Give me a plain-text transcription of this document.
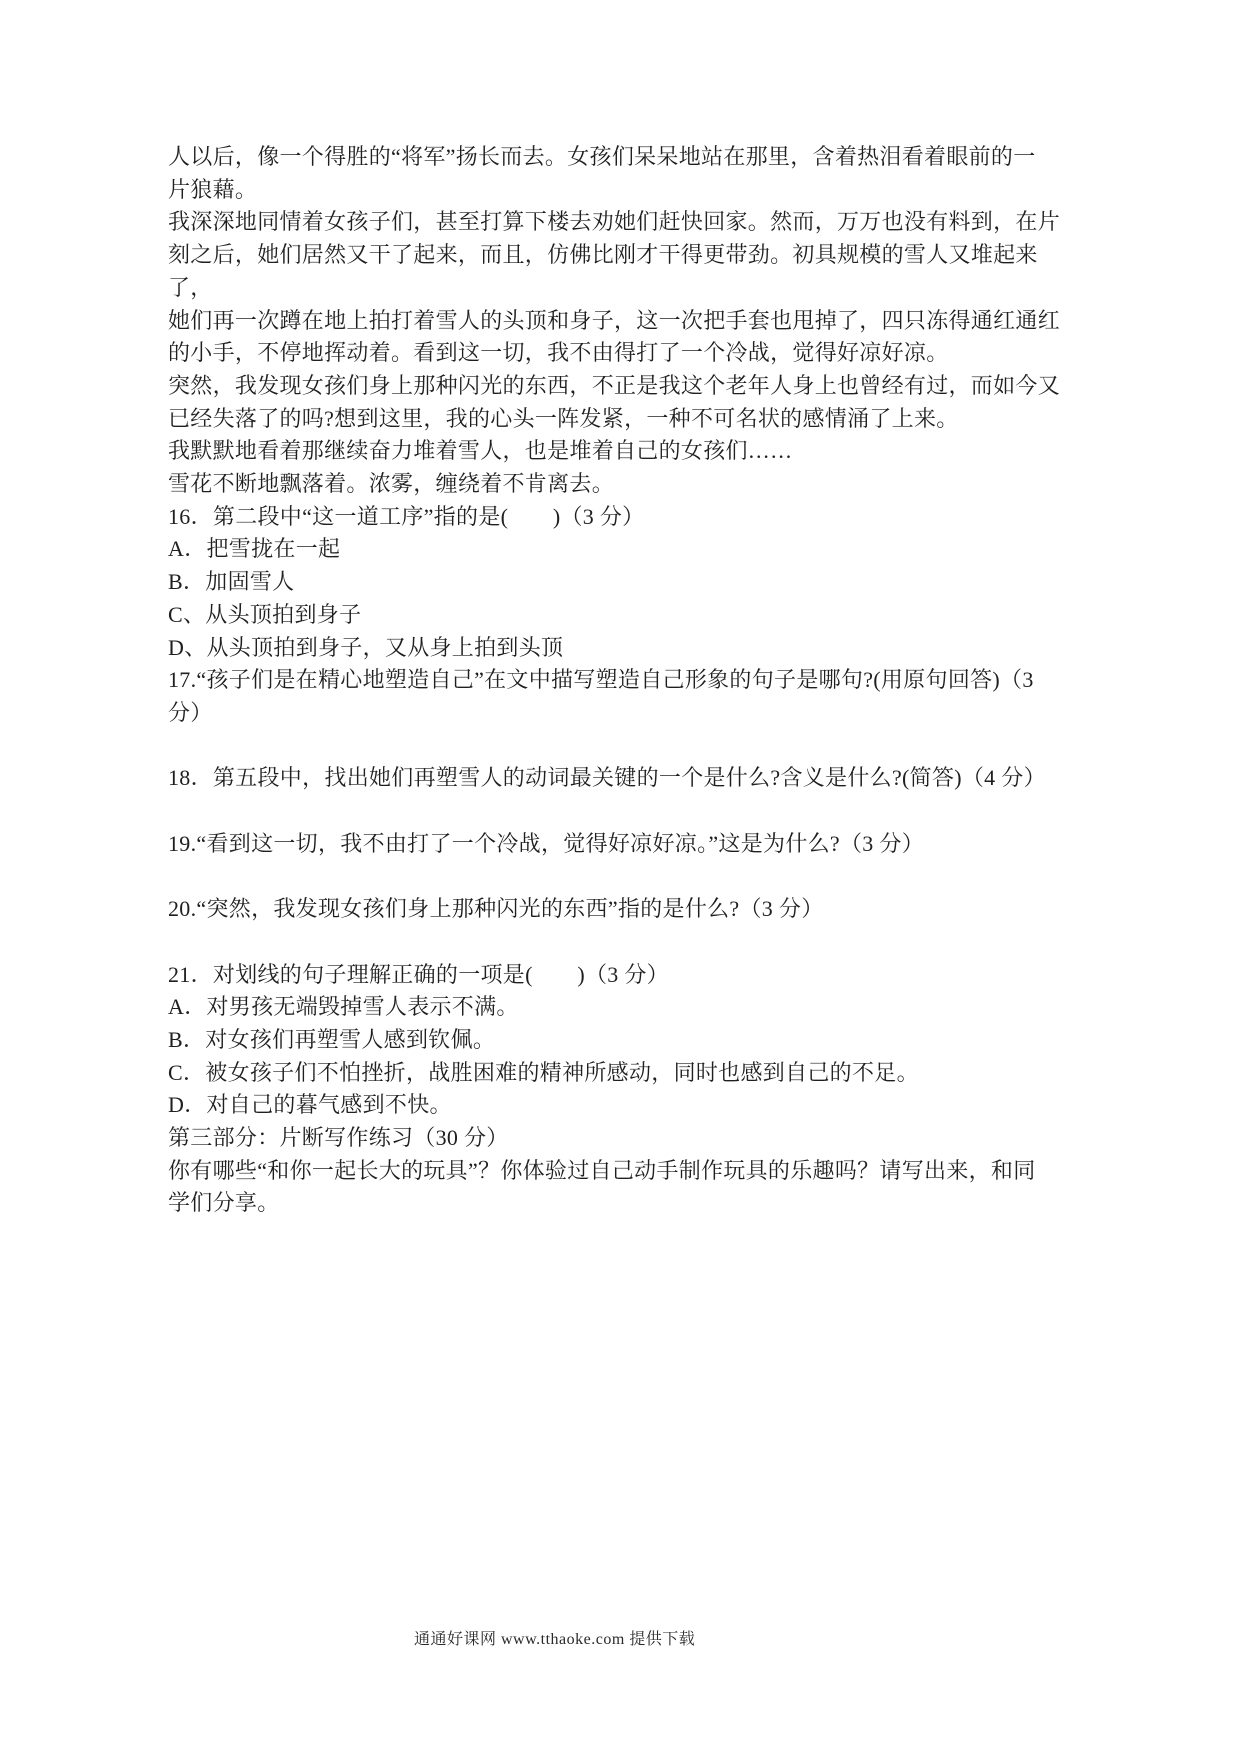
人以后，像一个得胜的“将军”扬长而去。女孩们呆呆地站在那里，含着热泪看着眼前的一
片狼藉。
我深深地同情着女孩子们，甚至打算下楼去劝她们赶快回家。然而，万万也没有料到，在片
刻之后，她们居然又干了起来，而且，仿佛比刚才干得更带劲。初具规模的雪人又堆起来了，
她们再一次蹲在地上拍打着雪人的头顶和身子，这一次把手套也甩掉了，四只冻得通红通红
的小手，不停地挥动着。看到这一切，我不由得打了一个冷战，觉得好凉好凉。
突然，我发现女孩们身上那种闪光的东西，不正是我这个老年人身上也曾经有过，而如今又
已经失落了的吗?想到这里，我的心头一阵发紧，一种不可名状的感情涌了上来。
我默默地看着那继续奋力堆着雪人，也是堆着自己的女孩们……
雪花不断地飘落着。浓雾，缠绕着不肯离去。
16．第二段中“这一道工序”指的是(　　)（3 分）
A．把雪拢在一起
B．加固雪人
C、从头顶拍到身子
D、从头顶拍到身子，又从身上拍到头顶
17.“孩子们是在精心地塑造自己”在文中描写塑造自己形象的句子是哪句?(用原句回答)（3
分）
18．第五段中，找出她们再塑雪人的动词最关键的一个是什么?含义是什么?(简答)（4 分）
19.“看到这一切，我不由打了一个冷战，觉得好凉好凉。”这是为什么?（3 分）
20.“突然，我发现女孩们身上那种闪光的东西”指的是什么?（3 分）
21．对划线的句子理解正确的一项是(　　)（3 分）
A．对男孩无端毁掉雪人表示不满。
B．对女孩们再塑雪人感到钦佩。
C．被女孩子们不怕挫折，战胜困难的精神所感动，同时也感到自己的不足。
D．对自己的暮气感到不快。
第三部分：片断写作练习（30 分）
你有哪些“和你一起长大的玩具”？你体验过自己动手制作玩具的乐趣吗？请写出来，和同
学们分享。
通通好课网 www.tthaoke.com 提供下载
